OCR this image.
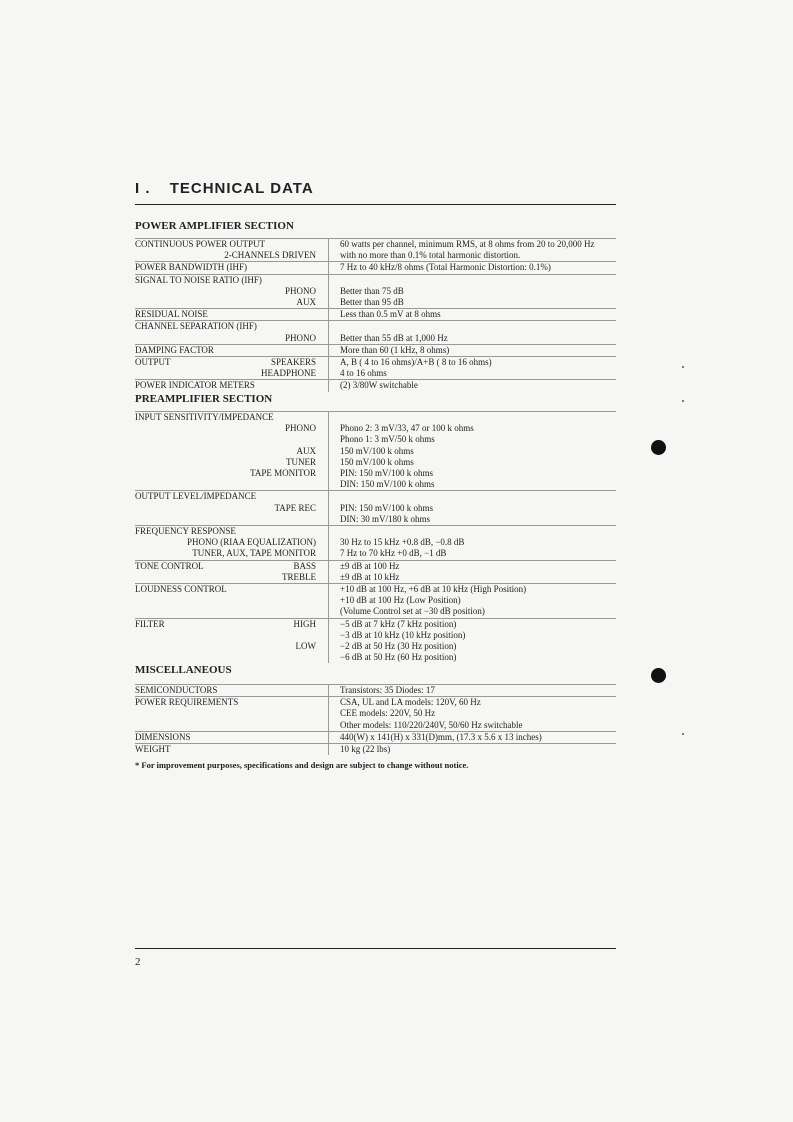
I . TECHNICAL DATA
POWER AMPLIFIER SECTION
CONTINUOUS POWER OUTPUT	60 watts per channel, minimum RMS, at 8 ohms from 20 to 20,000 Hz
2-CHANNELS DRIVEN	with no more than 0.1% total harmonic distortion.
POWER BANDWIDTH (IHF)	7 Hz to 40 kHz/8 ohms (Total Harmonic Distortion: 0.1%)
SIGNAL TO NOISE RATIO (IHF)	
PHONO	Better than 75 dB
AUX	Better than 95 dB
RESIDUAL NOISE	Less than 0.5 mV at 8 ohms
CHANNEL SEPARATION (IHF)	
PHONO	Better than 55 dB at 1,000 Hz
DAMPING FACTOR	More than 60 (1 kHz, 8 ohms)

OUTPUT SPEAKERS	A, B ( 4 to 16 ohms)/A+B ( 8 to 16 ohms)
HEADPHONE	4 to 16 ohms
POWER INDICATOR METERS	(2) 3/80W switchable
PREAMPLIFIER SECTION
INPUT SENSITIVITY/IMPEDANCE	
PHONO	Phono 2: 3 mV/33, 47 or 100 k ohms
	Phono 1: 3 mV/50 k ohms
AUX	150 mV/100 k ohms
TUNER	150 mV/100 k ohms
TAPE MONITOR	PIN: 150 mV/100 k ohms
	DIN: 150 mV/100 k ohms
OUTPUT LEVEL/IMPEDANCE	
TAPE REC	PIN: 150 mV/100 k ohms
	DIN: 30 mV/180 k ohms
FREQUENCY RESPONSE	
PHONO (RIAA EQUALIZATION)	30 Hz to 15 kHz +0.8 dB, −0.8 dB
TUNER, AUX, TAPE MONITOR	7 Hz to 70 kHz +0 dB, −1 dB

TONE CONTROL BASS	±9 dB at 100 Hz
TREBLE	±9 dB at 10 kHz
LOUDNESS CONTROL	+10 dB at 100 Hz, +6 dB at 10 kHz (High Position)
	+10 dB at 100 Hz (Low Position)
	(Volume Control set at −30 dB position)

FILTER HIGH	−5 dB at 7 kHz (7 kHz position)
	−3 dB at 10 kHz (10 kHz position)
LOW	−2 dB at 50 Hz (30 Hz position)
	−6 dB at 50 Hz (60 Hz position)
MISCELLANEOUS
SEMICONDUCTORS	Transistors: 35 Diodes: 17
POWER REQUIREMENTS	CSA, UL and LA models: 120V, 60 Hz
	CEE models: 220V, 50 Hz
	Other models: 110/220/240V, 50/60 Hz switchable
DIMENSIONS	440(W) x 141(H) x 331(D)mm, (17.3 x 5.6 x 13 inches)
WEIGHT	10 kg (22 lbs)

* For improvement purposes, specifications and design are subject to change without notice.

2
